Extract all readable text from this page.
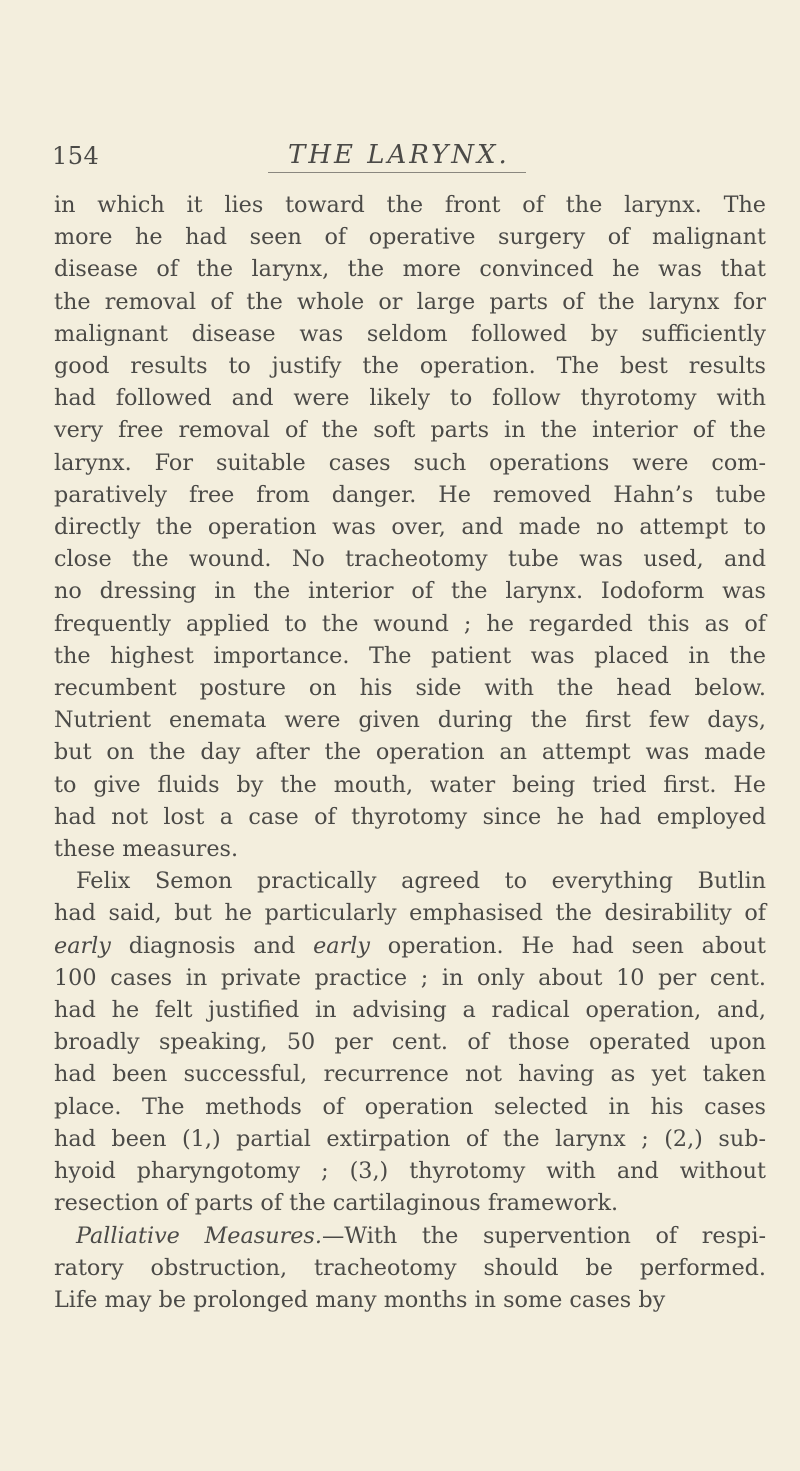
154	THE LARYNX.
in which it lies toward the front of the larynx. The
more he had seen of operative surgery of malignant
disease of the larynx, the more convinced he was that
the removal of the whole or large parts of the larynx for
malignant disease was seldom followed by sufficiently
good results to justify the operation. The best results
had followed and were likely to follow thyrotomy with
very free removal of the soft parts in the interior of the
larynx. For suitable cases such operations were com-
paratively free from danger. He removed Hahn’s tube
directly the operation was over, and made no attempt to
close the wound. No tracheotomy tube was used, and
no dressing in the interior of the larynx. Iodoform was
frequently applied to the wound ; he regarded this as of
the highest importance. The patient was placed in the
recumbent posture on his side with the head below.
Nutrient enemata were given during the first few days,
but on the day after the operation an attempt was made
to give fluids by the mouth, water being tried first. He
had not lost a case of thyrotomy since he had employed
these measures.
Felix Semon practically agreed to everything Butlin
had said, but he particularly emphasised the desirability of
early diagnosis and early operation. He had seen about
100 cases in private practice ; in only about 10 per cent.
had he felt justified in advising a radical operation, and,
broadly speaking, 50 per cent. of those operated upon
had been successful, recurrence not having as yet taken
place. The methods of operation selected in his cases
had been (1,) partial extirpation of the larynx ; (2,) sub-
hyoid pharyngotomy ; (3,) thyrotomy with and without
resection of parts of the cartilaginous framework.
Palliative Measures.—With the supervention of respi-
ratory obstruction, tracheotomy should be performed.
Life may be prolonged many months in some cases by
